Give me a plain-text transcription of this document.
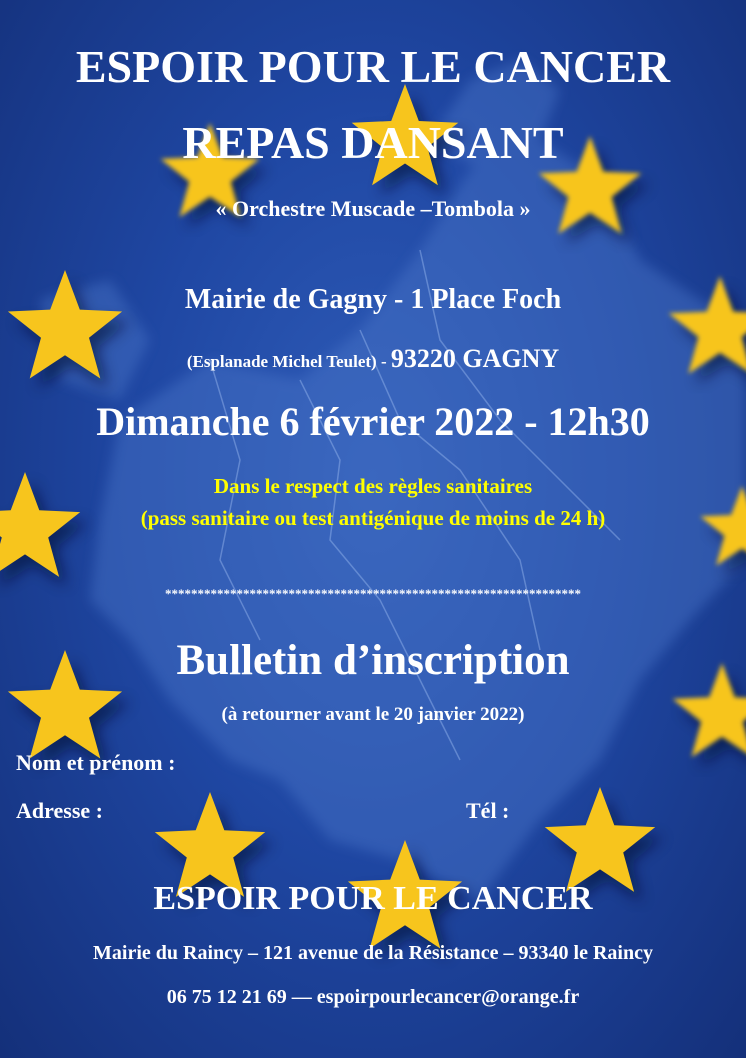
ESPOIR POUR LE CANCER
REPAS DANSANT
« Orchestre Muscade –Tombola »
Mairie de Gagny - 1 Place Foch
(Esplanade Michel Teulet) - 93220 GAGNY
Dimanche 6 février 2022 - 12h30
Dans le respect des règles sanitaires
(pass sanitaire ou test antigénique de moins de 24 h)
****************************************************************
Bulletin d’inscription
(à retourner avant le 20 janvier 2022)
Nom et prénom :
Adresse :	Tél :
ESPOIR POUR LE CANCER
Mairie du Raincy – 121 avenue de la Résistance – 93340 le Raincy
06 75 12 21 69 — espoirpourlecancer@orange.fr
